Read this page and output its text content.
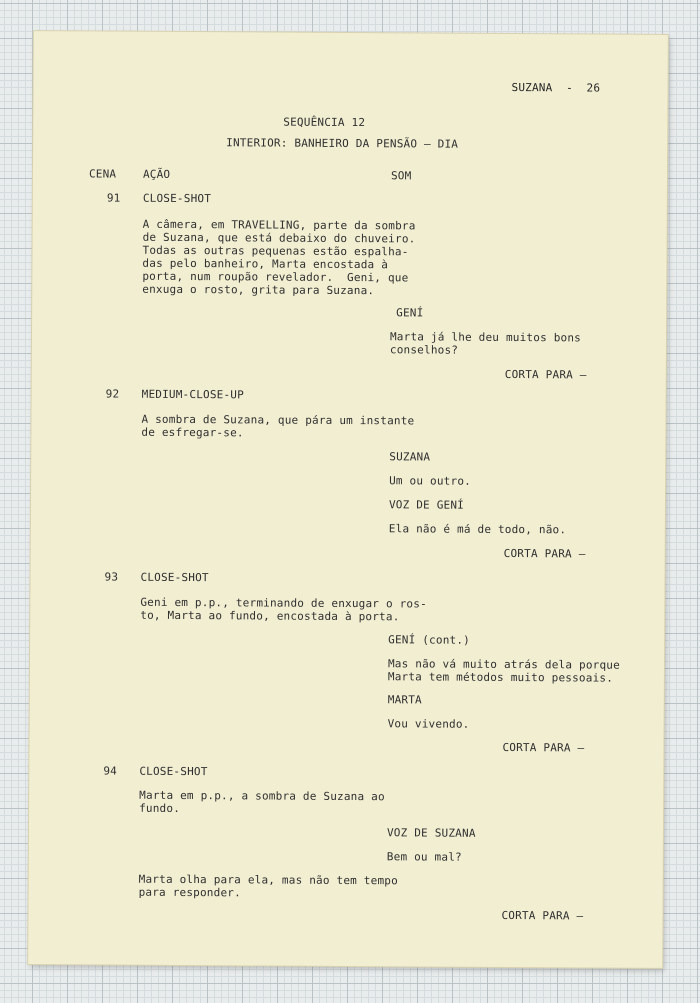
SUZANA  -  26
SEQUÊNCIA 12
INTERIOR: BANHEIRO DA PENSÃO — DIA
CENA AÇÃO	SOM
91 CLOSE-SHOT
A câmera, em TRAVELLING, parte da sombra
de Suzana, que está debaixo do chuveiro.
Todas as outras pequenas estão espalha-
das pelo banheiro, Marta encostada à
porta, num roupão revelador.  Geni, que
enxuga o rosto, grita para Suzana.
GENÍ
Marta já lhe deu muitos bons
conselhos?
CORTA PARA —
92 MEDIUM-CLOSE-UP
A sombra de Suzana, que pára um instante
de esfregar-se.
SUZANA
Um ou outro.
VOZ DE GENÍ
Ela não é má de todo, não.
CORTA PARA —
93 CLOSE-SHOT
Geni em p.p., terminando de enxugar o ros-
to, Marta ao fundo, encostada à porta.
GENÍ (cont.)
Mas não vá muito atrás dela porque
Marta tem métodos muito pessoais.
MARTA
Vou vivendo.
CORTA PARA —
94 CLOSE-SHOT
Marta em p.p., a sombra de Suzana ao
fundo.
VOZ DE SUZANA
Bem ou mal?
Marta olha para ela, mas não tem tempo
para responder.
CORTA PARA —
